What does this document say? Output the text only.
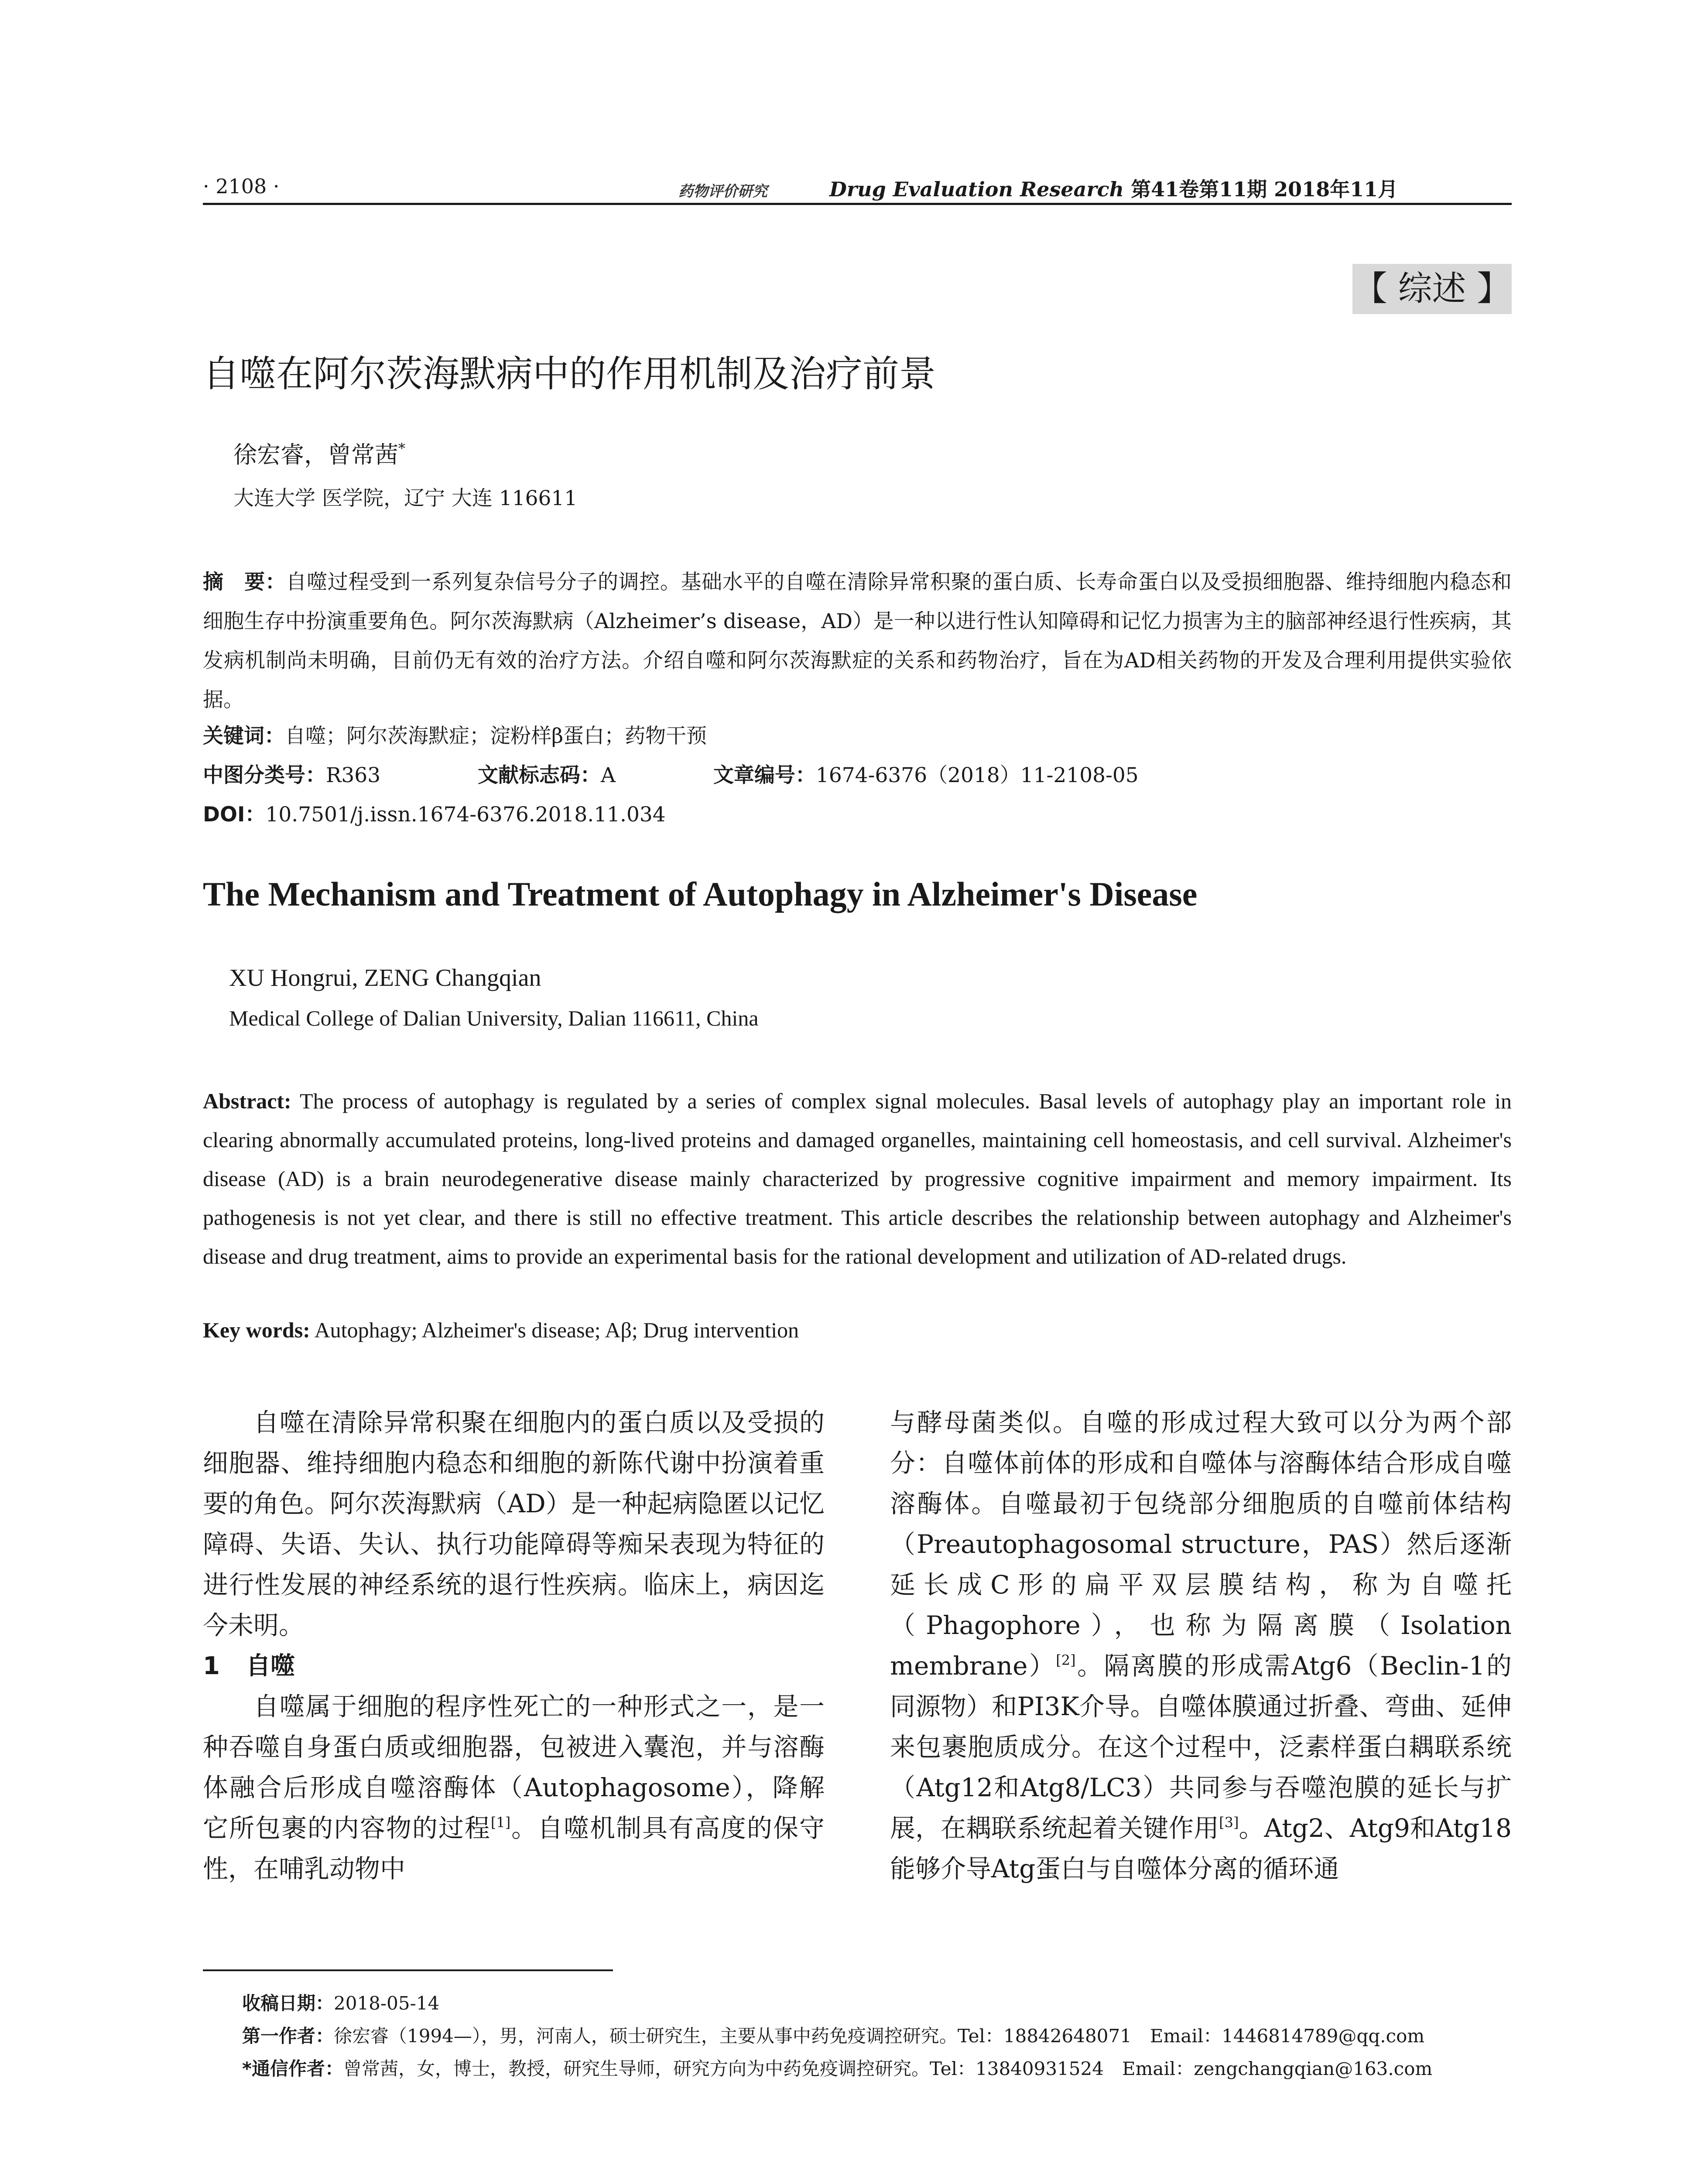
· 2108 ·	药物评价研究	Drug Evaluation Research 第41卷第11期 2018年11月
【 综述 】
自噬在阿尔茨海默病中的作用机制及治疗前景
徐宏睿，曾常茜*
大连大学 医学院，辽宁 大连 116611
摘　要：自噬过程受到一系列复杂信号分子的调控。基础水平的自噬在清除异常积聚的蛋白质、长寿命蛋白以及受损细胞器、维持细胞内稳态和细胞生存中扮演重要角色。阿尔茨海默病（Alzheimer’s disease，AD）是一种以进行性认知障碍和记忆力损害为主的脑部神经退行性疾病，其发病机制尚未明确，目前仍无有效的治疗方法。介绍自噬和阿尔茨海默症的关系和药物治疗，旨在为AD相关药物的开发及合理利用提供实验依据。
关键词：自噬；阿尔茨海默症；淀粉样β蛋白；药物干预
中图分类号：R363	文献标志码：A	文章编号：1674-6376（2018）11-2108-05
DOI：10.7501/j.issn.1674-6376.2018.11.034
The Mechanism and Treatment of Autophagy in Alzheimer's Disease
XU Hongrui, ZENG Changqian
Medical College of Dalian University, Dalian 116611, China
Abstract: The process of autophagy is regulated by a series of complex signal molecules. Basal levels of autophagy play an important role in clearing abnormally accumulated proteins, long-lived proteins and damaged organelles, maintaining cell homeostasis, and cell survival. Alzheimer's disease (AD) is a brain neurodegenerative disease mainly characterized by progressive cognitive impairment and memory impairment. Its pathogenesis is not yet clear, and there is still no effective treatment. This article describes the relationship between autophagy and Alzheimer's disease and drug treatment, aims to provide an experimental basis for the rational development and utilization of AD-related drugs.
Key words: Autophagy; Alzheimer's disease; Aβ; Drug intervention

自噬在清除异常积聚在细胞内的蛋白质以及受损的细胞器、维持细胞内稳态和细胞的新陈代谢中扮演着重要的角色。阿尔茨海默病（AD）是一种起病隐匿以记忆障碍、失语、失认、执行功能障碍等痴呆表现为特征的进行性发展的神经系统的退行性疾病。临床上，病因迄今未明。

1 自噬

自噬属于细胞的程序性死亡的一种形式之一，是一种吞噬自身蛋白质或细胞器，包被进入囊泡，并与溶酶体融合后形成自噬溶酶体（Autophagosome），降解它所包裹的内容物的过程[1]。自噬机制具有高度的保守性，在哺乳动物中

与酵母菌类似。自噬的形成过程大致可以分为两个部分：自噬体前体的形成和自噬体与溶酶体结合形成自噬溶酶体。自噬最初于包绕部分细胞质的自噬前体结构（Preautophagosomal structure，PAS）然后逐渐延长成C形的扁平双层膜结构，称为自噬托（Phagophore），也称为隔离膜（Isolation membrane）[2]。隔离膜的形成需Atg6（Beclin-1的同源物）和PI3K介导。自噬体膜通过折叠、弯曲、延伸来包裹胞质成分。在这个过程中，泛素样蛋白耦联系统（Atg12和Atg8/LC3）共同参与吞噬泡膜的延长与扩展，在耦联系统起着关键作用[3]。Atg2、Atg9和Atg18能够介导Atg蛋白与自噬体分离的循环通

收稿日期：2018-05-14
第一作者：徐宏睿（1994—），男，河南人，硕士研究生，主要从事中药免疫调控研究。Tel：18842648071　Email：1446814789@qq.com
*通信作者：曾常茜，女，博士，教授，研究生导师，研究方向为中药免疫调控研究。Tel：13840931524　Email：zengchangqian@163.com
